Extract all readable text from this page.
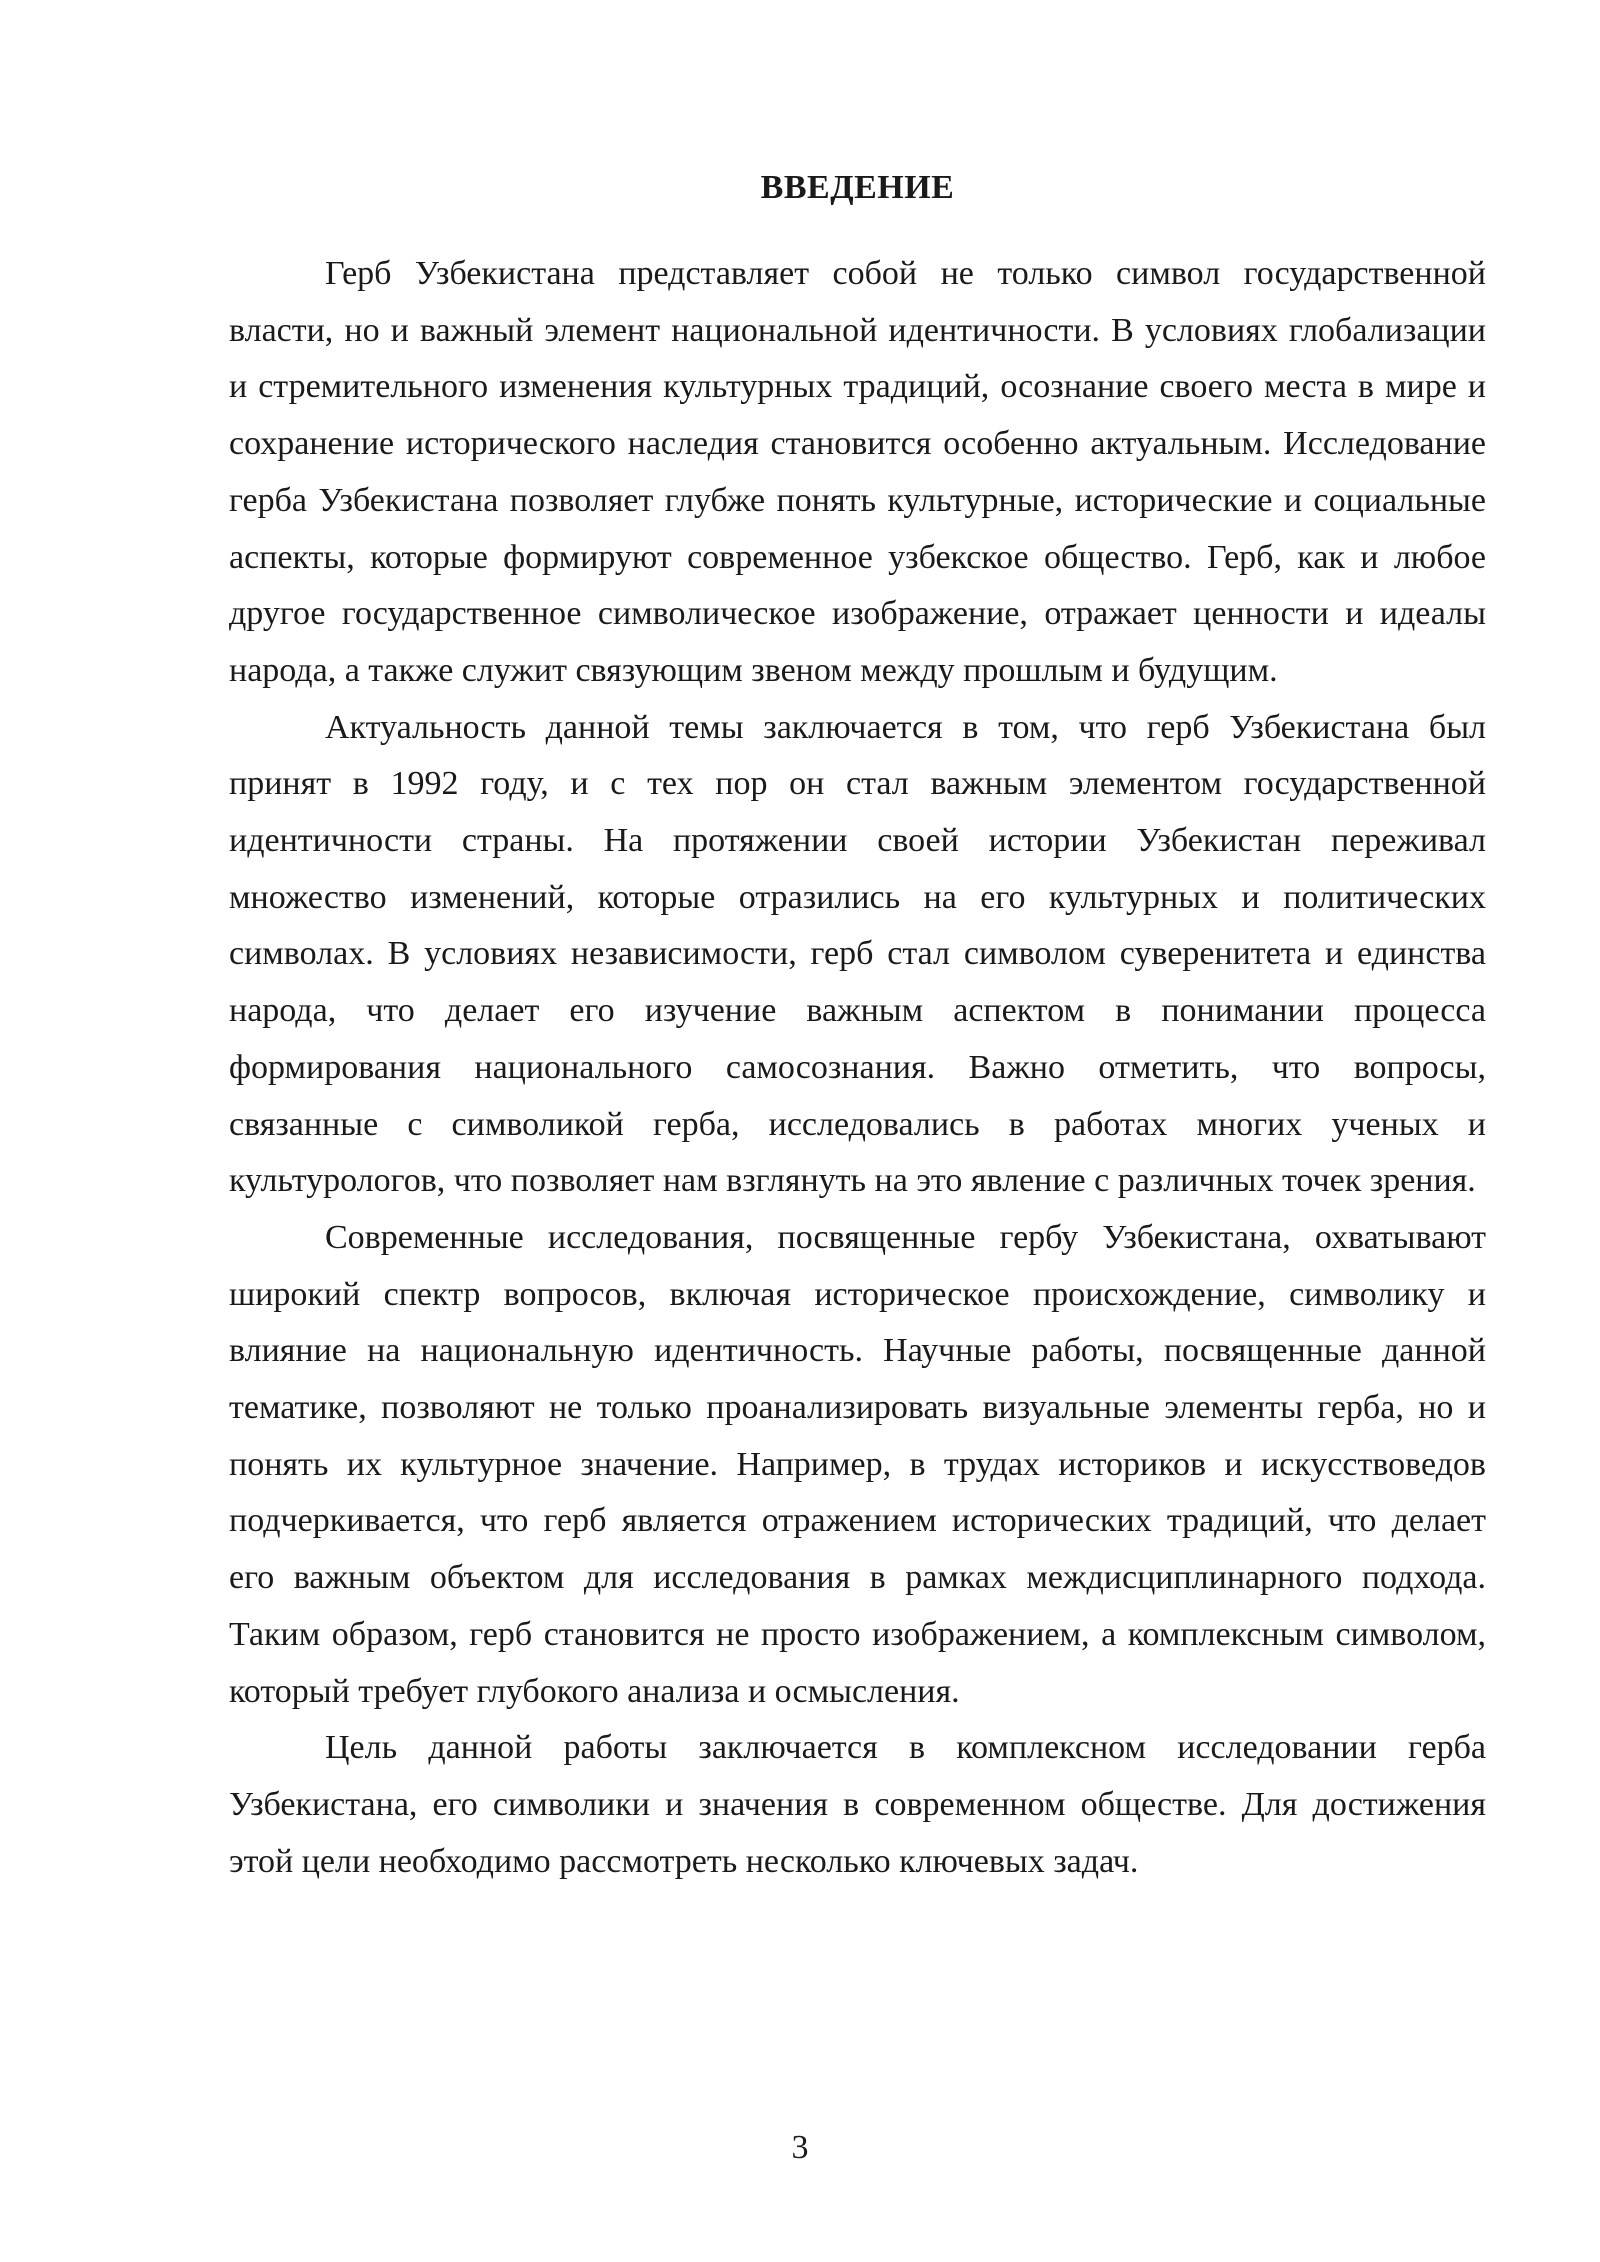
ВВЕДЕНИЕ

Герб Узбекистана представляет собой не только символ государственной власти, но и важный элемент национальной идентичности. В условиях глобализации и стремительного изменения культурных традиций, осознание своего места в мире и сохранение исторического наследия становится особенно актуальным. Исследование герба Узбекистана позволяет глубже понять культурные, исторические и социальные аспекты, которые формируют современное узбекское общество. Герб, как и любое другое государственное символическое изображение, отражает ценности и идеалы народа, а также служит связующим звеном между прошлым и будущим.

Актуальность данной темы заключается в том, что герб Узбекистана был принят в 1992 году, и с тех пор он стал важным элементом государственной идентичности страны. На протяжении своей истории Узбекистан переживал множество изменений, которые отразились на его культурных и политических символах. В условиях независимости, герб стал символом суверенитета и единства народа, что делает его изучение важным аспектом в понимании процесса формирования национального самосознания. Важно отметить, что вопросы, связанные с символикой герба, исследовались в работах многих ученых и культурологов, что позволяет нам взглянуть на это явление с различных точек зрения.

Современные исследования, посвященные гербу Узбекистана, охватывают широкий спектр вопросов, включая историческое происхождение, символику и влияние на национальную идентичность. Научные работы, посвященные данной тематике, позволяют не только проанализировать визуальные элементы герба, но и понять их культурное значение. Например, в трудах историков и искусствоведов подчеркивается, что герб является отражением исторических традиций, что делает его важным объектом для исследования в рамках междисциплинарного подхода. Таким образом, герб становится не просто изображением, а комплексным символом, который требует глубокого анализа и осмысления.

Цель данной работы заключается в комплексном исследовании герба Узбекистана, его символики и значения в современном обществе. Для достижения этой цели необходимо рассмотреть несколько ключевых задач.

3
